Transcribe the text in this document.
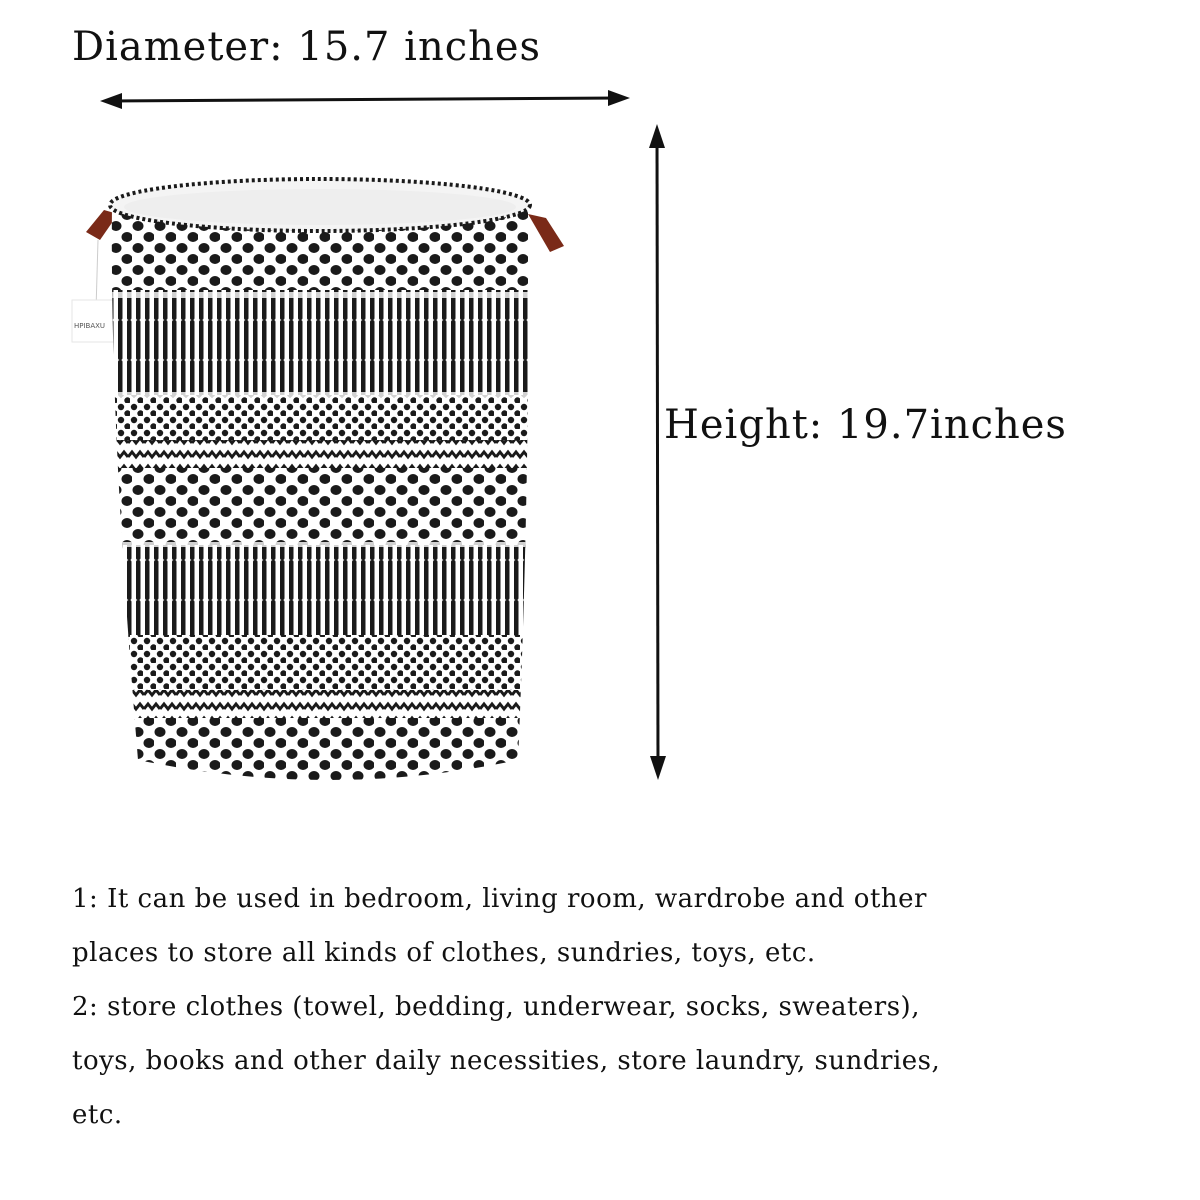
Diameter: 15.7 inches
Height: 19.7inches
HPIBAXU
1: It can be used in bedroom, living room, wardrobe and other
places to store all kinds of clothes, sundries, toys, etc.
2: store clothes (towel, bedding, underwear, socks, sweaters),
toys, books and other daily necessities, store laundry, sundries,
etc.
